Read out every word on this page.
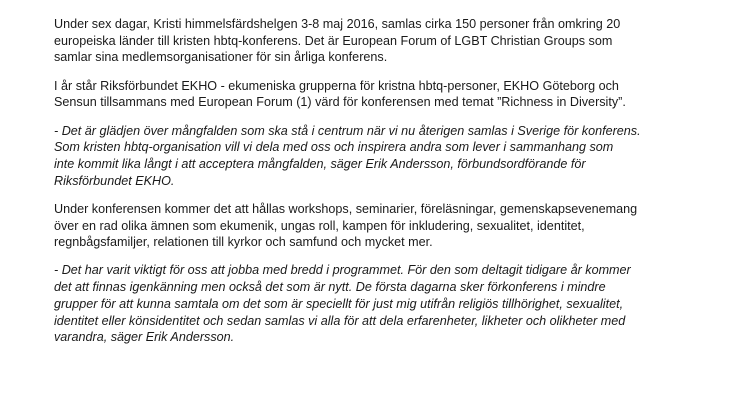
Under sex dagar, Kristi himmelsfärdshelgen 3-8 maj 2016, samlas cirka 150 personer från omkring 20
europeiska länder till kristen hbtq-konferens. Det är European Forum of LGBT Christian Groups som
samlar sina medlemsorganisationer för sin årliga konferens.

I år står Riksförbundet EKHO - ekumeniska grupperna för kristna hbtq-personer, EKHO Göteborg och
Sensun tillsammans med European Forum (1) värd för konferensen med temat ”Richness in Diversity”.

- Det är glädjen över mångfalden som ska stå i centrum när vi nu återigen samlas i Sverige för konferens.
Som kristen hbtq-organisation vill vi dela med oss och inspirera andra som lever i sammanhang som
inte kommit lika långt i att acceptera mångfalden, säger Erik Andersson, förbundsordförande för
Riksförbundet EKHO.

Under konferensen kommer det att hållas workshops, seminarier, föreläsningar, gemenskapsevenemang
över en rad olika ämnen som ekumenik, ungas roll, kampen för inkludering, sexualitet, identitet,
regnbågsfamiljer, relationen till kyrkor och samfund och mycket mer.

- Det har varit viktigt för oss att jobba med bredd i programmet. För den som deltagit tidigare år kommer
det att finnas igenkänning men också det som är nytt. De första dagarna sker förkonferens i mindre
grupper för att kunna samtala om det som är speciellt för just mig utifrån religiös tillhörighet, sexualitet,
identitet eller könsidentitet och sedan samlas vi alla för att dela erfarenheter, likheter och olikheter med
varandra, säger Erik Andersson.
